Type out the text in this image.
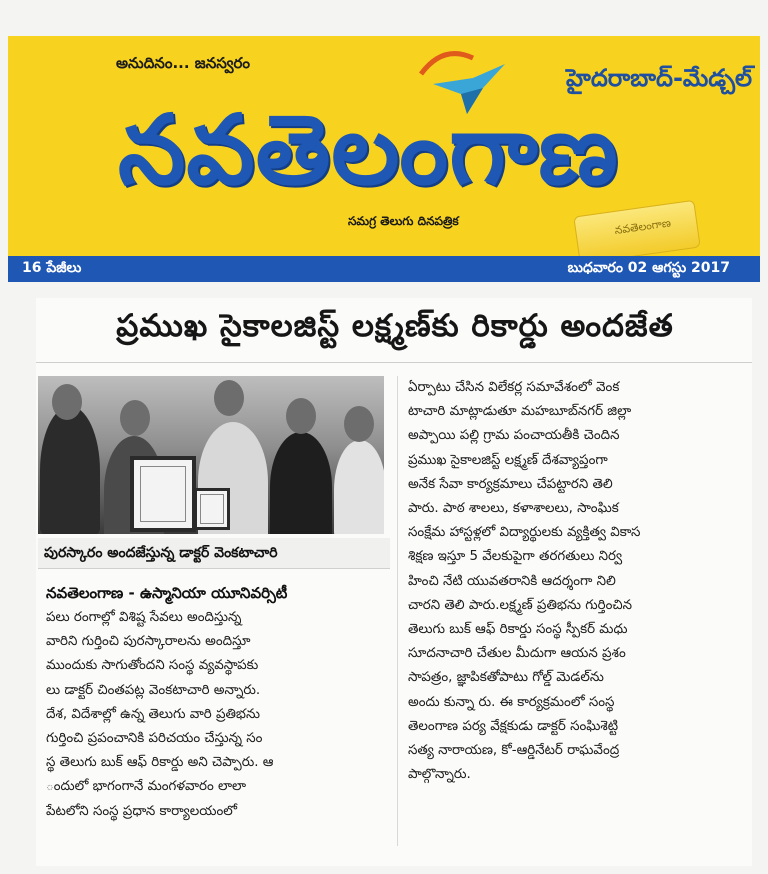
అనుదినం... జనస్వరం
హైదరాబాద్-మేడ్చల్
నవతెలంగాణ
సమగ్ర తెలుగు దినపత్రిక	నవతెలంగాణ
16 పేజీలు	బుధవారం 02 ఆగస్టు 2017
ప్రముఖ సైకాలజిస్ట్ లక్ష్మణ్‌కు రికార్డు అందజేత
పురస్కారం అందజేస్తున్న డాక్టర్ వెంకటాచారి
నవతెలంగాణ - ఉస్మానియా యూనివర్సిటీ
పలు రంగాల్లో విశిష్ట సేవలు అందిస్తున్న
వారిని గుర్తించి పురస్కారాలను అందిస్తూ
ముందుకు సాగుతోందని సంస్థ వ్యవస్థాపకు
లు డాక్టర్ చింతపట్ల వెంకటాచారి అన్నారు.
దేశ, విదేశాల్లో ఉన్న తెలుగు వారి ప్రతిభను
గుర్తించి ప్రపంచానికి పరిచయం చేస్తున్న సం
స్థ తెలుగు బుక్ ఆఫ్ రికార్డు అని చెప్పారు. ఆ
ందులో భాగంగానే మంగళవారం లాలా
పేటలోని సంస్థ ప్రధాన కార్యాలయంలో
ఏర్పాటు చేసిన విలేకర్ల సమావేశంలో వెంక
టాచారి మాట్లాడుతూ మహబూబ్‌నగర్ జిల్లా
అప్పాయి పల్లి గ్రామ పంచాయతీకి చెందిన
ప్రముఖ సైకాలజిస్ట్ లక్ష్మణ్ దేశవ్యాప్తంగా
అనేక సేవా కార్యక్రమాలు చేపట్టారని తెలి
పారు. పాఠ శాలలు, కళాశాలలు, సాంఘిక
సంక్షేమ హాస్టళ్లలో విద్యార్థులకు వ్యక్తిత్వ వికాస
శిక్షణ ఇస్తూ 5 వేలకుపైగా తరగతులు నిర్వ
హించి నేటి యువతరానికి ఆదర్శంగా నిలి
చారని తెలి పారు.లక్ష్మణ్ ప్రతిభను గుర్తించిన
తెలుగు బుక్ ఆఫ్ రికార్డు సంస్థ స్పీకర్ మధు
సూదనాచారి చేతుల మీదుగా ఆయన ప్రశం
సాపత్రం, జ్ఞాపికతోపాటు గోల్డ్ మెడల్‌ను
అందు కున్నా రు. ఈ కార్యక్రమంలో సంస్థ
తెలంగాణ పర్య వేక్షకుడు డాక్టర్ సంఘిశెట్టి
సత్య నారాయణ, కో-ఆర్డినేటర్ రాఘవేంద్ర
పాల్గొన్నారు.
